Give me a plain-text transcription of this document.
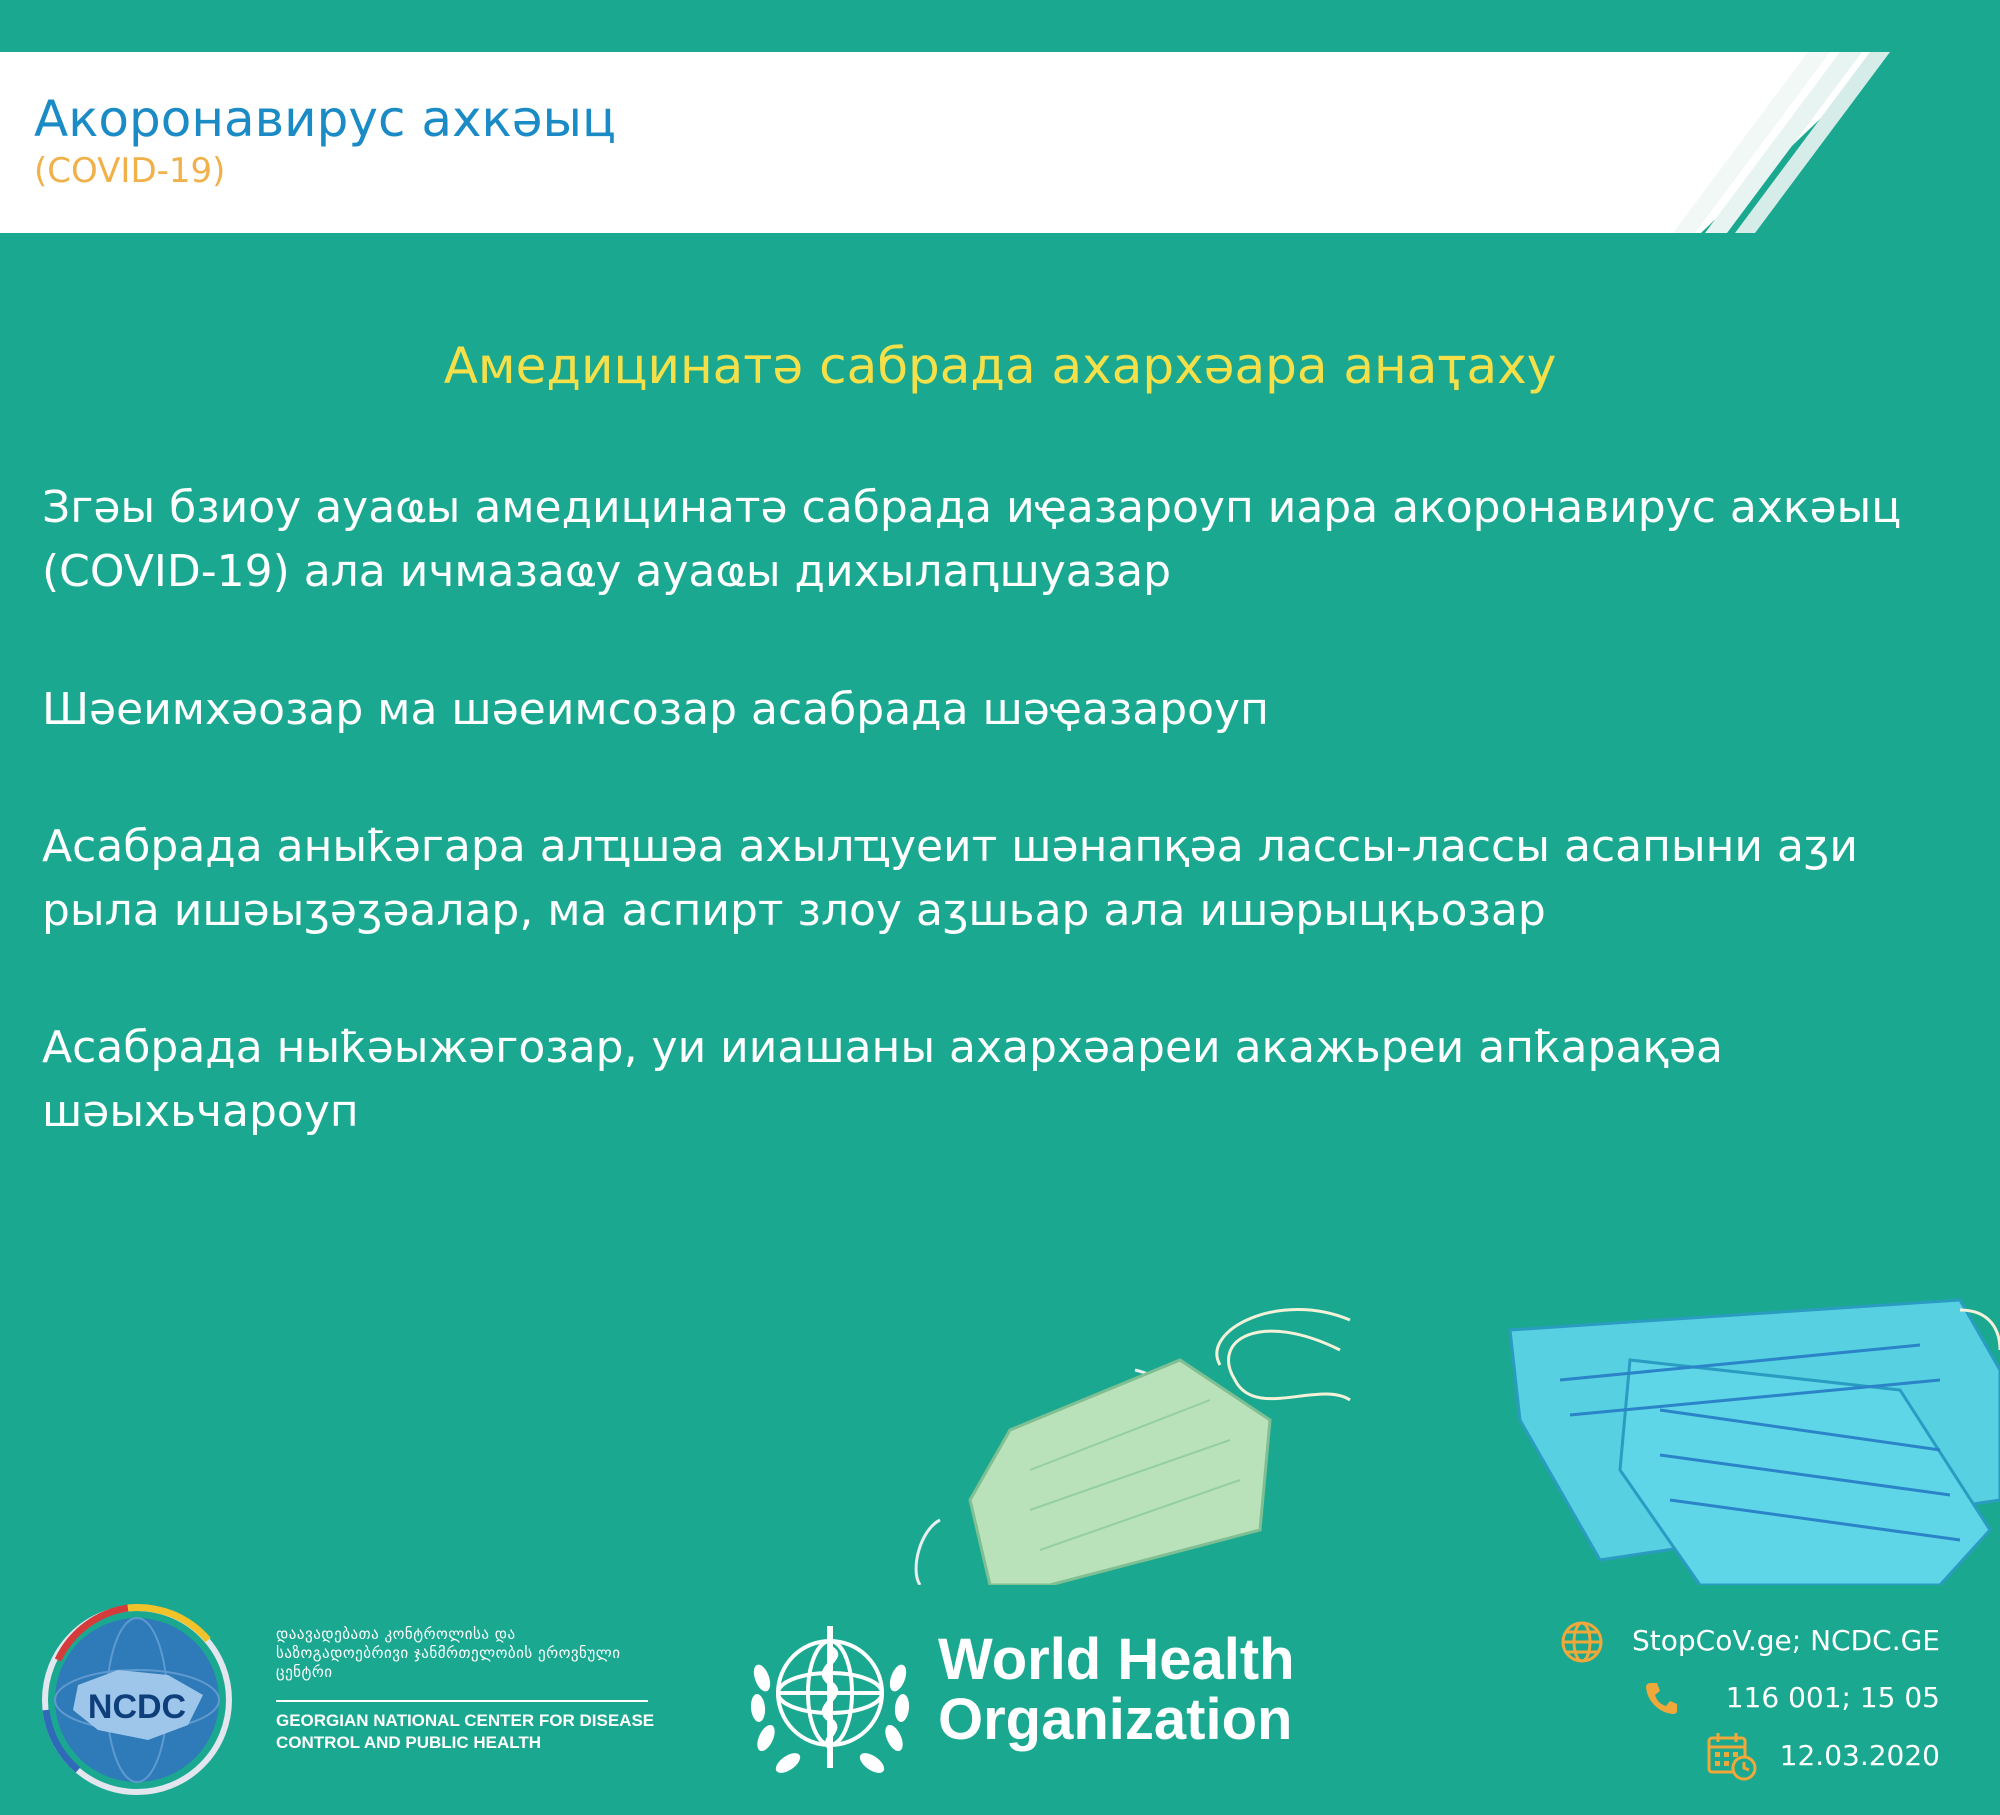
Акоронавирус ахкәыц
(COVID-19)
Амедицинатә сабрада ахархәара анаҭаху
Згәы бзиоу ауаҩы амедицинатә сабрада иҿазароуп иара акоронавирус ахкәыц (COVID-19) ала ичмазаҩу ауаҩы дихылаԥшуазар
Шәеимхәозар ма шәеимсозар асабрада шәҿазароуп
Асабрада аныҟәгара алҵшәа ахылҵуеит шәнапқәа лассы-лассы асапыни аӡи рыла ишәыӡәӡәалар, ма аспирт злоу аӡшьар ала ишәрыцқьозар
Асабрада ныҟәыжәгозар, уи ииашаны ахархәареи акажьреи апҟарақәа шәыхьчароуп
NCDC
დაავადებათა კონტროლისა და საზოგადოებრივი ჯანმრთელობის ეროვნული ცენტრი
GEORGIAN NATIONAL CENTER FOR DISEASE CONTROL AND PUBLIC HEALTH
World Health
Organization
StopCoV.ge; NCDC.GE
116 001; 15 05
12.03.2020
